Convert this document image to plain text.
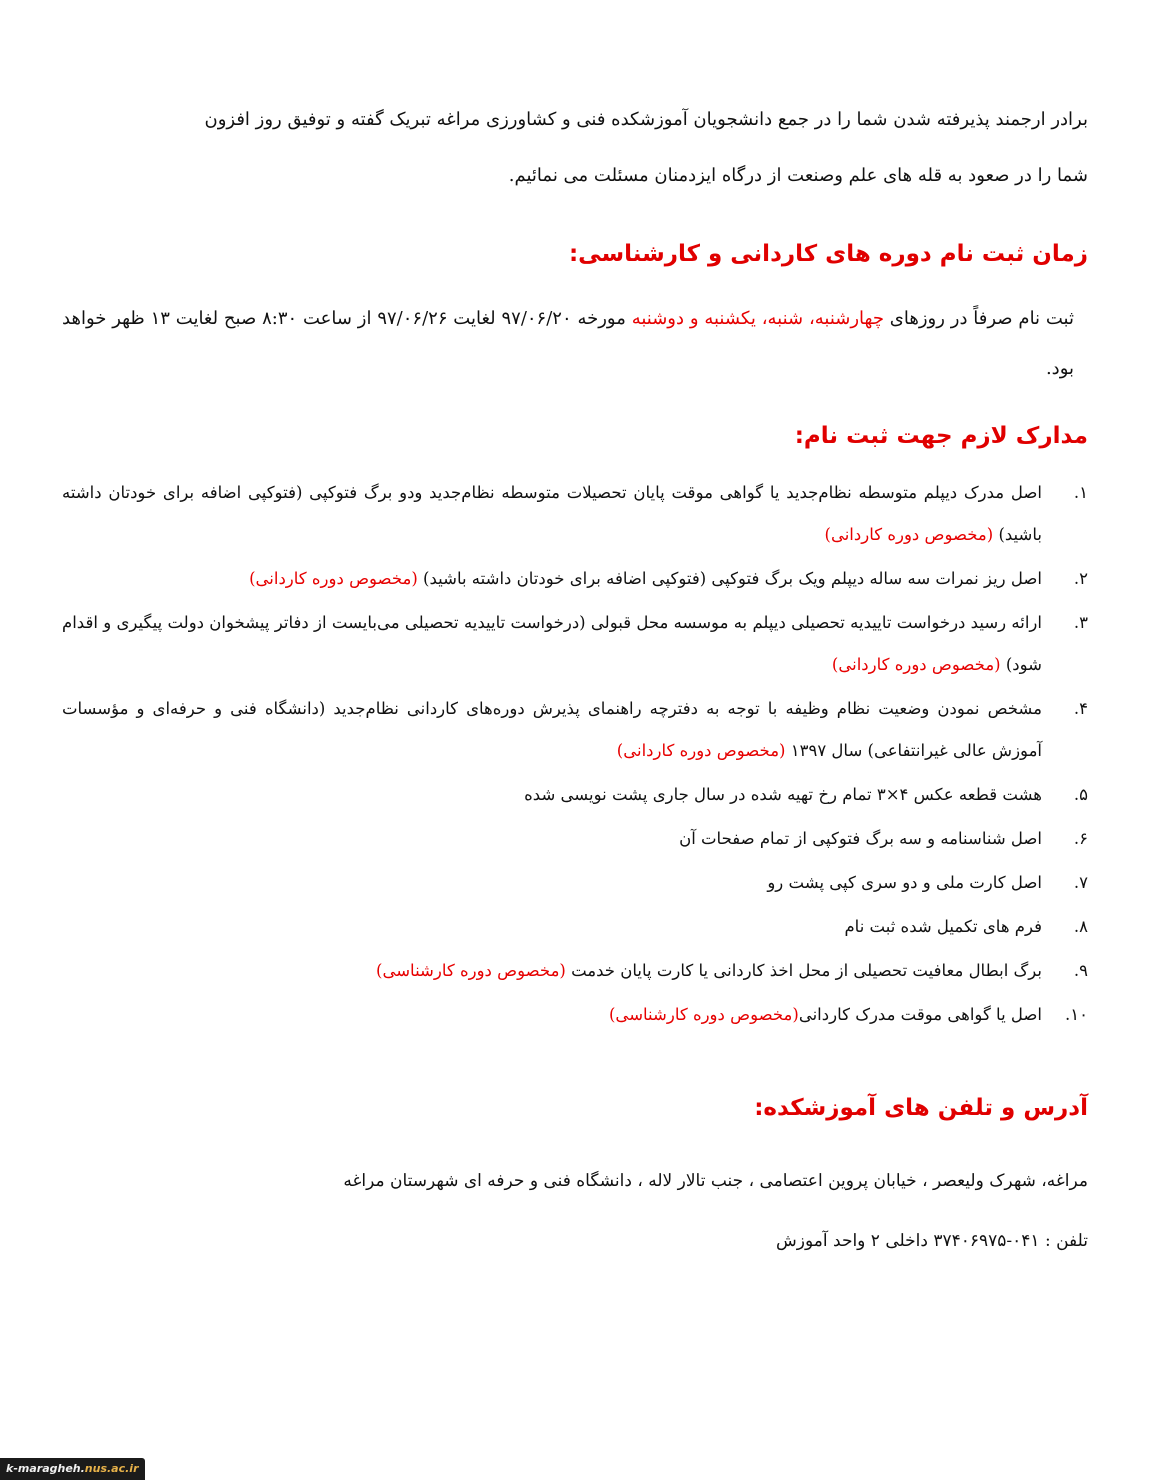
برادر ارجمند پذیرفته شدن شما را در جمع دانشجویان آموزشکده فنی و کشاورزی مراغه تبریک گفته و توفیق روز افزون
شما را در صعود به قله های علم وصنعت از درگاه ایزدمنان مسئلت می نمائیم.
زمان ثبت نام دوره های کاردانی و کارشناسی:
ثبت نام صرفاً در روزهای چهارشنبه، شنبه، یکشنبه و دوشنبه مورخه ۹۷/۰۶/۲۰ لغایت ۹۷/۰۶/۲۶ از ساعت ۸:۳۰ صبح لغایت ۱۳ ظهر خواهد بود.
مدارک لازم جهت ثبت نام:
۱.
اصل مدرک دیپلم متوسطه نظام‌جدید یا گواهی موقت پایان تحصیلات متوسطه نظام‌جدید ودو برگ فتوکپی (فتوکپی اضافه برای خودتان داشته باشید) (مخصوص دوره کاردانی)
۲.
اصل ریز نمرات سه ساله دیپلم ویک برگ فتوکپی (فتوکپی اضافه برای خودتان داشته باشید) (مخصوص دوره کاردانی)
۳.
ارائه رسید درخواست تاییدیه تحصیلی دیپلم به موسسه محل قبولی (درخواست تاییدیه تحصیلی می‌بایست از دفاتر پیشخوان دولت پیگیری و اقدام شود) (مخصوص دوره کاردانی)
۴.
مشخص نمودن وضعیت نظام وظیفه با توجه به دفترچه راهنمای پذیرش دوره‌های کاردانی نظام‌جدید (دانشگاه فنی و حرفه‌ای و مؤسسات آموزش عالی غیرانتفاعی) سال ۱۳۹۷ (مخصوص دوره کاردانی)
۵.
هشت قطعه عکس ۴×۳ تمام رخ تهیه شده در سال جاری پشت نویسی شده
۶.
اصل شناسنامه و سه برگ فتوکپی از تمام صفحات آن
۷.
اصل کارت ملی و دو سری کپی پشت رو
۸.
فرم های تکمیل شده ثبت نام
۹.
برگ ابطال معافیت تحصیلی از محل اخذ کاردانی یا کارت پایان خدمت (مخصوص دوره کارشناسی)
۱۰.
اصل یا گواهی موقت مدرک کاردانی(مخصوص دوره کارشناسی)
آدرس و تلفن های آموزشکده:
مراغه، شهرک ولیعصر ، خیابان پروین اعتصامی ، جنب تالار لاله ، دانشگاه فنی و حرفه ای شهرستان مراغه
تلفن : ۰۴۱-۳۷۴۰۶۹۷۵ داخلی ۲ واحد آموزش
k-maragheh.nus.ac.ir
